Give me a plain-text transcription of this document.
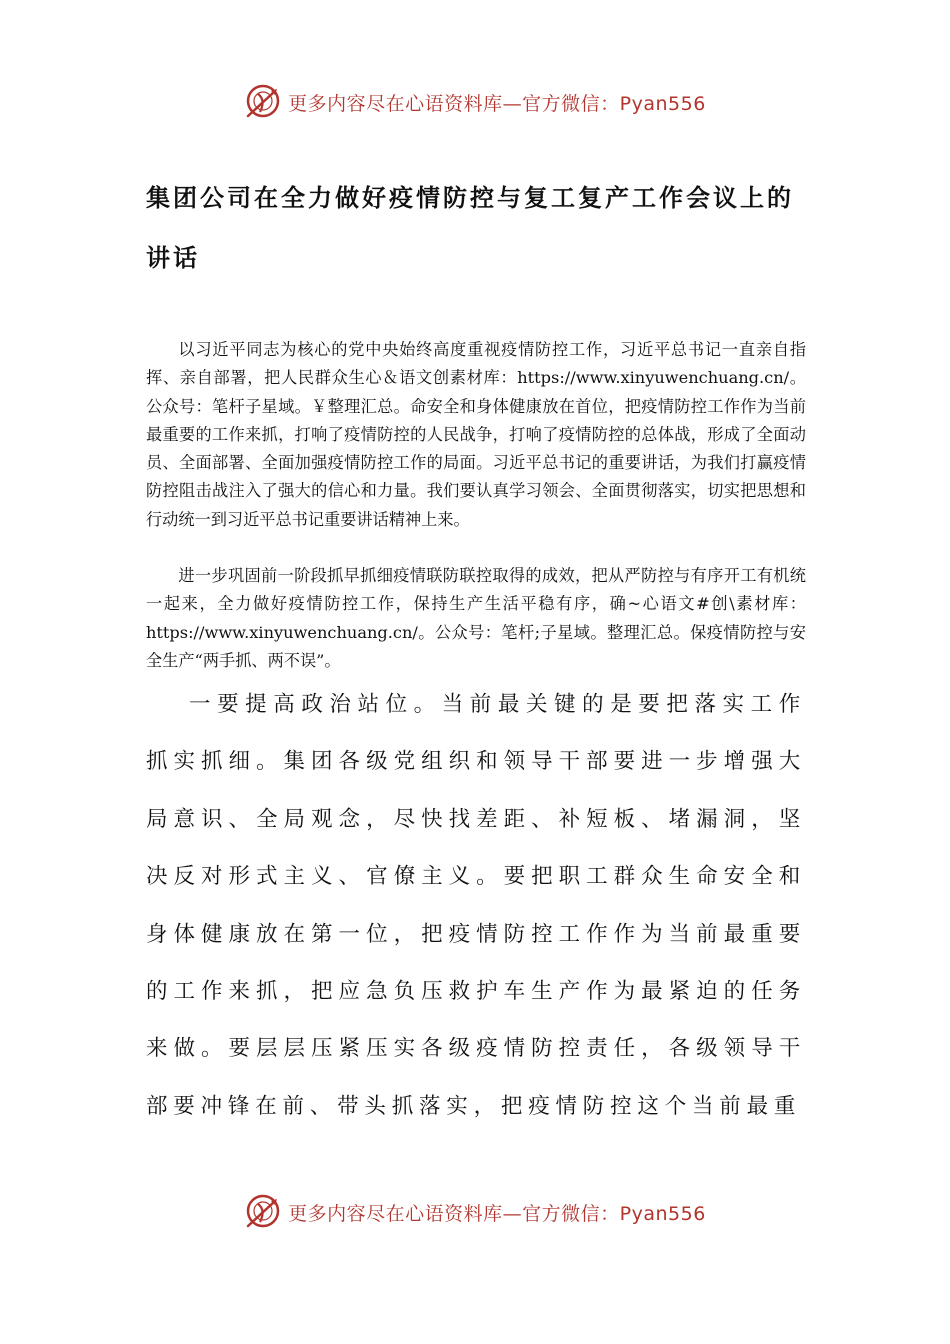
更多内容尽在心语资料库—官方微信：Pyan556
集团公司在全力做好疫情防控与复工复产工作会议上的讲话

以习近平同志为核心的党中央始终高度重视疫情防控工作，习近平总书记一直亲自指挥、亲自部署，把人民群众生心＆语文创素材库：https://www.xinyuwenchuang.cn/。公众号：笔杆子星域。￥整理汇总。命安全和身体健康放在首位，把疫情防控工作作为当前最重要的工作来抓，打响了疫情防控的人民战争，打响了疫情防控的总体战，形成了全面动员、全面部署、全面加强疫情防控工作的局面。习近平总书记的重要讲话，为我们打赢疫情防控阻击战注入了强大的信心和力量。我们要认真学习领会、全面贯彻落实，切实把思想和行动统一到习近平总书记重要讲话精神上来。

进一步巩固前一阶段抓早抓细疫情联防联控取得的成效，把从严防控与有序开工有机统一起来，全力做好疫情防控工作，保持生产生活平稳有序，确~心语文#创\素材库：https://www.xinyuwenchuang.cn/。公众号：笔杆;子星域。整理汇总。保疫情防控与安全生产“两手抓、两不误”。

一要提高政治站位。当前最关键的是要把落实工作抓实抓细。集团各级党组织和领导干部要进一步增强大局意识、全局观念，尽快找差距、补短板、堵漏洞，坚决反对形式主义、官僚主义。要把职工群众生命安全和身体健康放在第一位，把疫情防控工作作为当前最重要的工作来抓，把应急负压救护车生产作为最紧迫的任务来做。要层层压紧压实各级疫情防控责任，各级领导干部要冲锋在前、带头抓落实，把疫情防控这个当前最重

更多内容尽在心语资料库—官方微信：Pyan556
